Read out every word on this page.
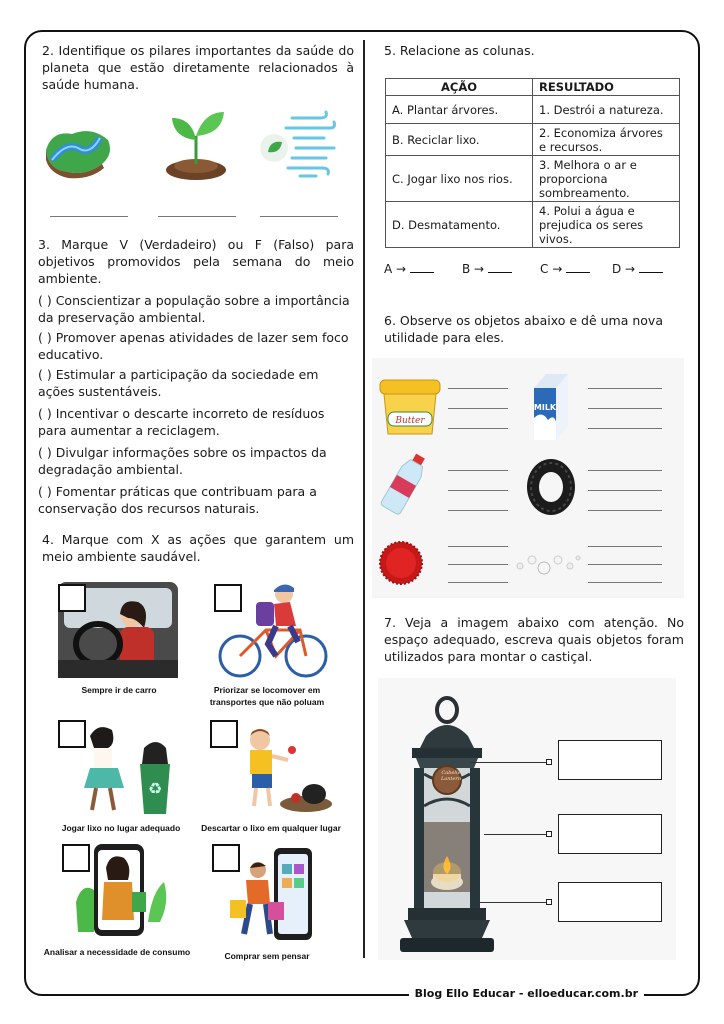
2. Identifique os pilares importantes da saúde do planeta que estão diretamente relacionados à saúde humana.
3. Marque V (Verdadeiro) ou F (Falso) para objetivos promovidos pela semana do meio ambiente.
( ) Conscientizar a população sobre a importância da preservação ambiental.
( ) Promover apenas atividades de lazer sem foco educativo.
( ) Estimular a participação da sociedade em ações sustentáveis.
( ) Incentivar o descarte incorreto de resíduos para aumentar a reciclagem.
( ) Divulgar informações sobre os impactos da degradação ambiental.
( ) Fomentar práticas que contribuam para a conservação dos recursos naturais.
4. Marque com X as ações que garantem um meio ambiente saudável.
Sempre ir de carro	Priorizar se locomover em transportes que não poluam
♻
Jogar lixo no lugar adequado	Descartar o lixo em qualquer lugar
Analisar a necessidade de consumo	Comprar sem pensar
5. Relacione as colunas.
AÇÃO	RESULTADO
A. Plantar árvores.	1. Destrói a natureza.
B. Reciclar lixo.	2. Economiza árvores e recursos.
C. Jogar lixo nos rios.	3. Melhora o ar e proporciona sombreamento.
D. Desmatamento.	4. Polui a água e prejudica os seres vivos.
A →	B →	C →	D →
6. Observe os objetos abaixo e dê uma nova utilidade para eles.
Butter
MILK
7. Veja a imagem abaixo com atenção. No espaço adequado, escreva quais objetos foram utilizados para montar o castiçal.
Cabelle Lantern
Blog Ello Educar - elloeducar.com.br
